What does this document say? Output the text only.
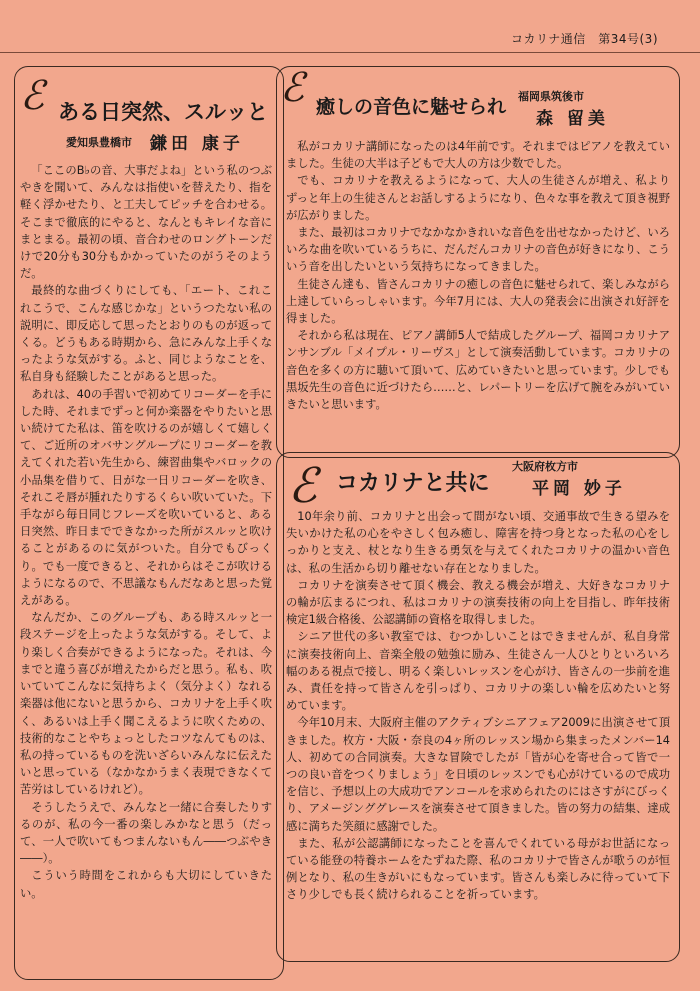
コカリナ通信　第34号(3)
ℰ ある日突然、スルッと
愛知県豊橋市 鎌田 康子

「ここのB♭の音、大事だよね」という私のつぶやきを聞いて、みんなは指使いを替えたり、指を軽く浮かせたり、と工夫してピッチを合わせる。そこまで徹底的にやると、なんともキレイな音にまとまる。最初の頃、音合わせのロングトーンだけで20分も30分もかかっていたのがうそのようだ。

最終的な曲づくりにしても、「エート、これこれこうで、こんな感じかな」というつたない私の説明に、即反応して思ったとおりのものが返ってくる。どうもある時期から、急にみんな上手くなったような気がする。ふと、同じようなことを、私自身も経験したことがあると思った。

あれは、40の手習いで初めてリコーダーを手にした時、それまでずっと何か楽器をやりたいと思い続けてた私は、笛を吹けるのが嬉しくて嬉しくて、ご近所のオバサングループにリコーダーを教えてくれた若い先生から、練習曲集やバロックの小品集を借りて、日がな一日リコーダーを吹き、それこそ唇が腫れたりするくらい吹いていた。下手ながら毎日同じフレーズを吹いていると、ある日突然、昨日までできなかった所がスルッと吹けることがあるのに気がついた。自分でもびっくり。でも一度できると、それからはそこが吹けるようになるので、不思議なもんだなあと思った覚えがある。

なんだか、このグループも、ある時スルッと一段ステージを上ったような気がする。そして、より楽しく合奏ができるようになった。それは、今までと違う喜びが増えたからだと思う。私も、吹いていてこんなに気持ちよく（気分よく）なれる楽器は他にないと思うから、コカリナを上手く吹く、あるいは上手く聞こえるように吹くための、技術的なことやちょっとしたコツなんてものは、私の持っているものを洗いざらいみんなに伝えたいと思っている（なかなかうまく表現できなくて苦労はしているけれど）。

そうしたうえで、みんなと一緒に合奏したりするのが、私の今一番の楽しみかなと思う（だって、一人で吹いてもつまんないもん――つぶやき――）。

こういう時間をこれからも大切にしていきたい。

ℰ 癒しの音色に魅せられ 福岡県筑後市
森 留美

私がコカリナ講師になったのは4年前です。それまではピアノを教えていました。生徒の大半は子どもで大人の方は少数でした。

でも、コカリナを教えるようになって、大人の生徒さんが増え、私よりずっと年上の生徒さんとお話しするようになり、色々な事を教えて頂き視野が広がりました。

また、最初はコカリナでなかなかきれいな音色を出せなかったけど、いろいろな曲を吹いているうちに、だんだんコカリナの音色が好きになり、こういう音を出したいという気持ちになってきました。

生徒さん達も、皆さんコカリナの癒しの音色に魅せられて、楽しみながら上達していらっしゃいます。今年7月には、大人の発表会に出演され好評を得ました。

それから私は現在、ピアノ講師5人で結成したグループ、福岡コカリナアンサンブル「メイプル・リーヴス」として演奏活動しています。コカリナの音色を多くの方に聴いて頂いて、広めていきたいと思っています。少しでも黒坂先生の音色に近づけたら……と、レパートリーを広げて腕をみがいていきたいと思います。

ℰ コカリナと共に
大阪府枚方市
平岡 妙子

10年余り前、コカリナと出会って間がない頃、交通事故で生きる望みを失いかけた私の心をやさしく包み癒し、障害を持つ身となった私の心をしっかりと支え、杖となり生きる勇気を与えてくれたコカリナの温かい音色は、私の生活から切り離せない存在となりました。

コカリナを演奏させて頂く機会、教える機会が増え、大好きなコカリナの輪が広まるにつれ、私はコカリナの演奏技術の向上を目指し、昨年技術検定1級合格後、公認講師の資格を取得しました。

シニア世代の多い教室では、むつかしいことはできませんが、私自身常に演奏技術向上、音楽全般の勉強に励み、生徒さん一人ひとりといろいろ幅のある視点で接し、明るく楽しいレッスンを心がけ、皆さんの一歩前を進み、責任を持って皆さんを引っぱり、コカリナの楽しい輪を広めたいと努めています。

今年10月末、大阪府主催のアクティブシニアフェア2009に出演させて頂きました。枚方・大阪・奈良の4ヶ所のレッスン場から集まったメンバー14人、初めての合同演奏。大きな冒険でしたが「皆が心を寄せ合って皆で一つの良い音をつくりましょう」を日頃のレッスンでも心がけているので成功を信じ、予想以上の大成功でアンコールを求められたのにはさすがにびっくり、アメージンググレースを演奏させて頂きました。皆の努力の結集、達成感に満ちた笑顔に感謝でした。

また、私が公認講師になったことを喜んでくれている母がお世話になっている能登の特養ホームをたずねた際、私のコカリナで皆さんが歌うのが恒例となり、私の生きがいにもなっています。皆さんも楽しみに待っていて下さり少しでも長く続けられることを祈っています。
